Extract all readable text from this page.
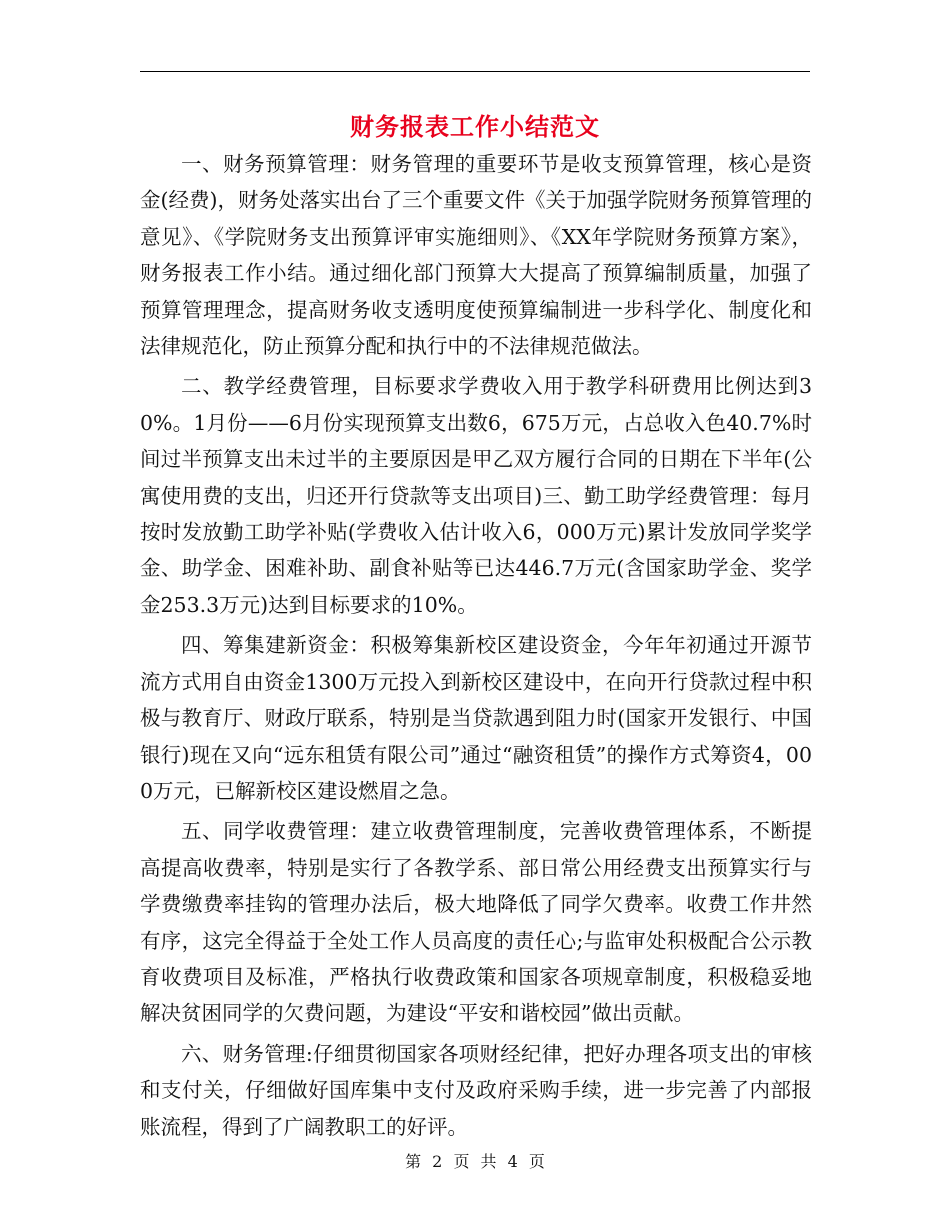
财务报表工作小结范文

一、财务预算管理：财务管理的重要环节是收支预算管理，核心是资金(经费)，财务处落实出台了三个重要文件《关于加强学院财务预算管理的意见》、《学院财务支出预算评审实施细则》、《XX年学院财务预算方案》，财务报表工作小结。通过细化部门预算大大提高了预算编制质量，加强了预算管理理念，提高财务收支透明度使预算编制进一步科学化、制度化和法律规范化，防止预算分配和执行中的不法律规范做法。

二、教学经费管理，目标要求学费收入用于教学科研费用比例达到30%。1月份——6月份实现预算支出数6，675万元，占总收入色40.7%时间过半预算支出未过半的主要原因是甲乙双方履行合同的日期在下半年(公寓使用费的支出，归还开行贷款等支出项目)三、勤工助学经费管理：每月按时发放勤工助学补贴(学费收入估计收入6，000万元)累计发放同学奖学金、助学金、困难补助、副食补贴等已达446.7万元(含国家助学金、奖学金253.3万元)达到目标要求的10%。

四、筹集建新资金：积极筹集新校区建设资金，今年年初通过开源节流方式用自由资金1300万元投入到新校区建设中，在向开行贷款过程中积极与教育厅、财政厅联系，特别是当贷款遇到阻力时(国家开发银行、中国银行)现在又向“远东租赁有限公司”通过“融资租赁”的操作方式筹资4，000万元，已解新校区建设燃眉之急。

五、同学收费管理：建立收费管理制度，完善收费管理体系，不断提高提高收费率，特别是实行了各教学系、部日常公用经费支出预算实行与学费缴费率挂钩的管理办法后，极大地降低了同学欠费率。收费工作井然有序，这完全得益于全处工作人员高度的责任心;与监审处积极配合公示教育收费项目及标准，严格执行收费政策和国家各项规章制度，积极稳妥地解决贫困同学的欠费问题，为建设“平安和谐校园”做出贡献。

六、财务管理:仔细贯彻国家各项财经纪律，把好办理各项支出的审核和支付关，仔细做好国库集中支付及政府采购手续，进一步完善了内部报账流程，得到了广阔教职工的好评。

第 2 页 共 4 页
